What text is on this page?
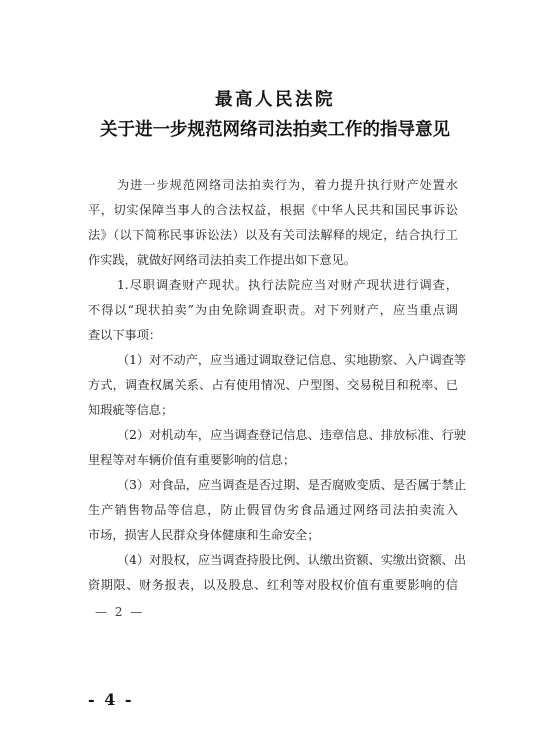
最高人民法院
关于进一步规范网络司法拍卖工作的指导意见
为进一步规范网络司法拍卖行为，着力提升执行财产处置水
平，切实保障当事人的合法权益，根据《中华人民共和国民事诉讼
法》（以下简称民事诉讼法）以及有关司法解释的规定，结合执行工
作实践，就做好网络司法拍卖工作提出如下意见。
1.尽职调查财产现状。执行法院应当对财产现状进行调查，
不得以“现状拍卖”为由免除调查职责。对下列财产，应当重点调
查以下事项：
（1）对不动产，应当通过调取登记信息、实地勘察、入户调查等
方式，调查权属关系、占有使用情况、户型图、交易税目和税率、已
知瑕疵等信息；
（2）对机动车，应当调查登记信息、违章信息、排放标准、行驶
里程等对车辆价值有重要影响的信息；
（3）对食品，应当调查是否过期、是否腐败变质、是否属于禁止
生产销售物品等信息，防止假冒伪劣食品通过网络司法拍卖流入
市场，损害人民群众身体健康和生命安全；
（4）对股权，应当调查持股比例、认缴出资额、实缴出资额、出
资期限、财务报表，以及股息、红利等对股权价值有重要影响的信
— 2 —
- 4 -
